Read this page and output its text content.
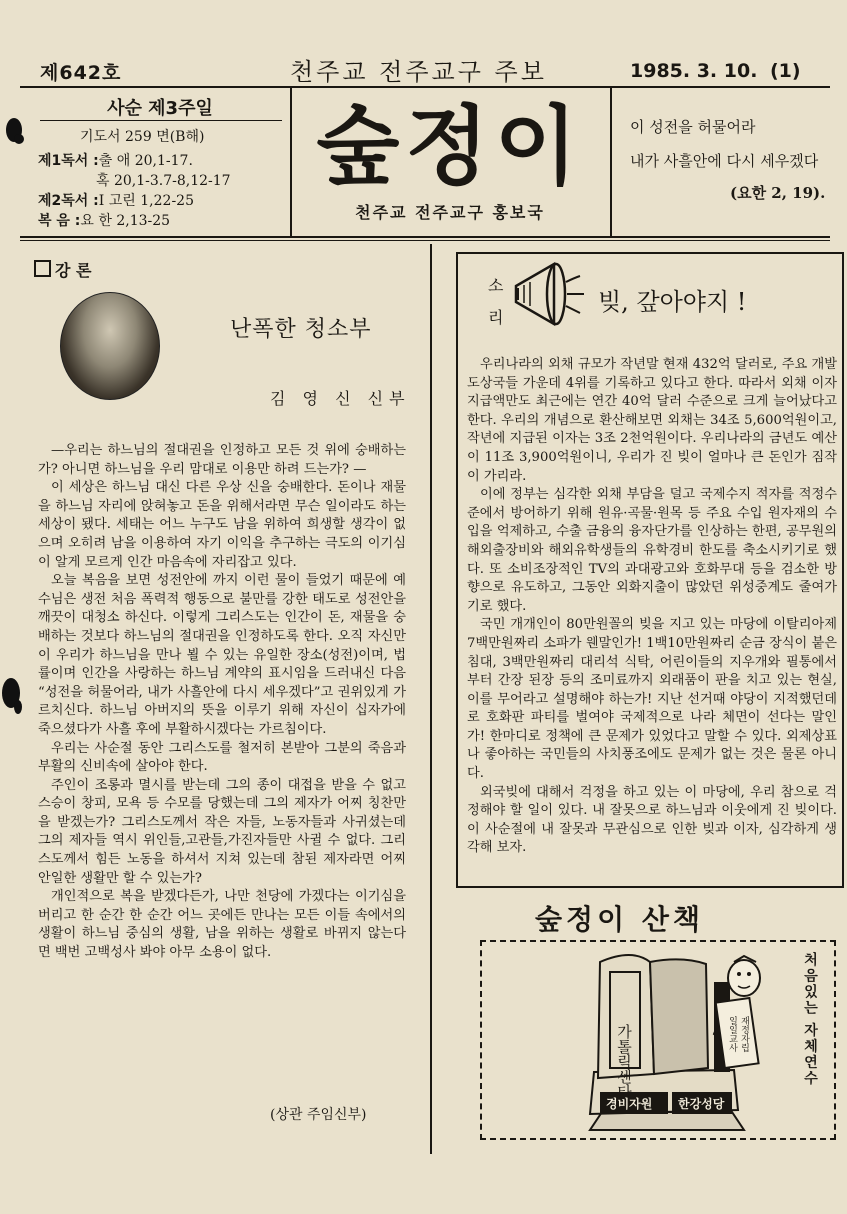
제642호	천주교 전주교구 주보	1985. 3. 10. (1)
사순 제3주일
기도서 259 면(B해)
제1독서 :출 애 20,1-17.
혹 20,1-3.7-8,12-17
제2독서 :I 고린 1,22-25
복 음 :요 한 2,13-25
숲정이
천주교 전주교구 홍보국
이 성전을 허물어라
내가 사흘안에 다시 세우겠다
(요한 2, 19).
강 론
난폭한 청소부
김 영 신 신부

—우리는 하느님의 절대권을 인정하고 모든 것 위에 숭배하는가? 아니면 하느님을 우리 맘대로 이용만 하려 드는가? —

이 세상은 하느님 대신 다른 우상 신을 숭배한다. 돈이나 재물을 하느님 자리에 앉혀놓고 돈을 위해서라면 무슨 일이라도 하는 세상이 됐다. 세태는 어느 누구도 남을 위하여 희생할 생각이 없으며 오히려 남을 이용하여 자기 이익을 추구하는 극도의 이기심이 알게 모르게 인간 마음속에 자리잡고 있다.

오늘 복음을 보면 성전안에 까지 이런 물이 들었기 때문에 예수님은 생전 처음 폭력적 행동으로 불만를 강한 태도로 성전안을 깨끗이 대청소 하신다. 이렇게 그리스도는 인간이 돈, 재물을 숭배하는 것보다 하느님의 절대권을 인정하도록 한다. 오직 자신만이 우리가 하느님을 만나 뵐 수 있는 유일한 장소(성전)이며, 법률이며 인간을 사랑하는 하느님 계약의 표시임을 드러내신 다음 “성전을 허물어라, 내가 사흘안에 다시 세우겠다”고 권위있게 가르치신다. 하느님 아버지의 뜻을 이루기 위해 자신이 십자가에 죽으셨다가 사흘 후에 부활하시겠다는 가르침이다.

우리는 사순절 동안 그리스도를 철저히 본받아 그분의 죽음과 부활의 신비속에 살아야 한다.

주인이 조롱과 멸시를 받는데 그의 종이 대접을 받을 수 없고 스승이 창피, 모욕 등 수모를 당했는데 그의 제자가 어찌 칭찬만을 받겠는가? 그리스도께서 작은 자들, 노동자들과 사귀셨는데 그의 제자들 역시 위인들,고관들,가진자들만 사귈 수 없다. 그리스도께서 힘든 노동을 하셔서 지쳐 있는데 참된 제자라면 어찌 안일한 생활만 할 수 있는가?

개인적으로 복을 받겠다든가, 나만 천당에 가겠다는 이기심을 버리고 한 순간 한 순간 어느 곳에든 만나는 모든 이들 속에서의 생활이 하느님 중심의 생활, 남을 위하는 생활로 바뀌지 않는다면 백번 고백성사 봐야 아무 소용이 없다.

(상관 주임신부)
소
리
빚, 갚아야지 !

우리나라의 외채 규모가 작년말 현재 432억 달러로, 주요 개발도상국들 가운데 4위를 기록하고 있다고 한다. 따라서 외채 이자 지급액만도 최근에는 연간 40억 달러 수준으로 크게 늘어났다고 한다. 우리의 개념으로 환산해보면 외채는 34조 5,600억원이고, 작년에 지급된 이자는 3조 2천억원이다. 우리나라의 금년도 예산이 11조 3,900억원이니, 우리가 진 빚이 얼마나 큰 돈인가 짐작이 가리라.

이에 정부는 심각한 외채 부담을 덜고 국제수지 적자를 적정수준에서 방어하기 위해 원유·곡물·원목 등 주요 수입 원자재의 수입을 억제하고, 수출 금융의 융자단가를 인상하는 한편, 공무원의 해외출장비와 해외유학생들의 유학경비 한도를 축소시키기로 했다. 또 소비조장적인 TV의 과대광고와 호화무대 등을 검소한 방향으로 유도하고, 그동안 외화지출이 많았던 위성중계도 줄여가기로 했다.

국민 개개인이 80만원꼴의 빚을 지고 있는 마당에 이탈리아제 7백만원짜리 소파가 웬말인가! 1백10만원짜리 순금 장식이 붙은 침대, 3백만원짜리 대리석 식탁, 어린이들의 지우개와 필통에서부터 간장 된장 등의 조미료까지 외래품이 판을 치고 있는 현실, 이를 무어라고 설명해야 하는가! 지난 선거때 야당이 지적했던데로 호화판 파티를 벌여야 국제적으로 나라 체면이 선다는 말인가! 한마디로 정책에 큰 문제가 있었다고 말할 수 있다. 외제상표나 좋아하는 국민들의 사치풍조에도 문제가 없는 것은 물론 아니다.

외국빚에 대해서 걱정을 하고 있는 이 마당에, 우리 참으로 걱정해야 할 일이 있다. 내 잘못으로 하느님과 이웃에게 진 빚이다. 이 사순절에 내 잘못과 무관심으로 인한 빚과 이자, 심각하게 생각해 보자.

숲정이 산책
가톨릭센타	일일교사 재정자립
경비자원 한강성당
처음있는 자체연수
